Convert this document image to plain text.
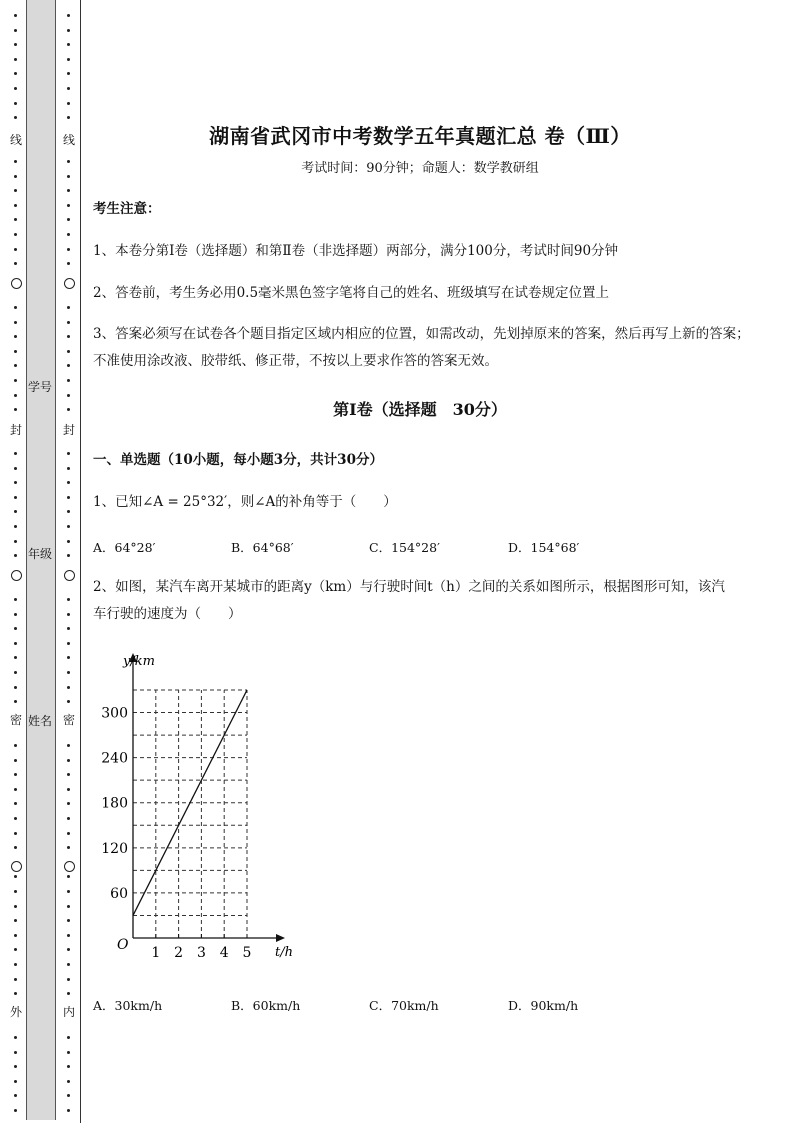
线
封
密
外
线
封
密
内
学号
年级
姓名
湖南省武冈市中考数学五年真题汇总 卷（Ⅲ）
考试时间：90分钟；命题人：数学教研组
考生注意：
1、本卷分第Ⅰ卷（选择题）和第Ⅱ卷（非选择题）两部分，满分100分，考试时间90分钟
2、答卷前，考生务必用0.5毫米黑色签字笔将自己的姓名、班级填写在试卷规定位置上
3、答案必须写在试卷各个题目指定区域内相应的位置，如需改动，先划掉原来的答案，然后再写上新的答案；不准使用涂改液、胶带纸、修正带，不按以上要求作答的答案无效。
第Ⅰ卷（选择题　30分）
一、单选题（10小题，每小题3分，共计30分）
1、已知∠A = 25°32′，则∠A的补角等于（　　）
A．64°28′	B．64°68′	C．154°28′	D．154°68′
2、如图，某汽车离开某城市的距离y（km）与行驶时间t（h）之间的关系如图所示，根据图形可知，该汽车行驶的速度为（　　）
1 2 3 4 5
60
120
180
240
300
O
y/km
t/h
A．30km/h	B．60km/h	C．70km/h	D．90km/h
